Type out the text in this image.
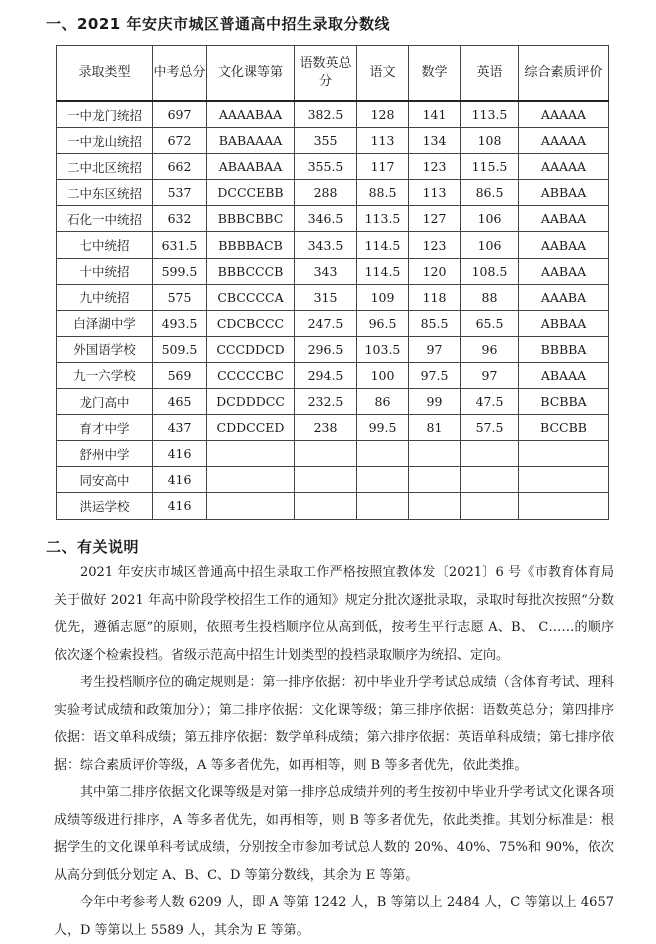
一、2021 年安庆市城区普通高中招生录取分数线
录取类型	中考总分	文化课等第	语数英总分	语文	数学	英语	综合素质评价
一中龙门统招	697	AAAABAA	382.5	128	141	113.5	AAAAA
一中龙山统招	672	BABAAAA	355	113	134	108	AAAAA
二中北区统招	662	ABAABAA	355.5	117	123	115.5	AAAAA
二中东区统招	537	DCCCEBB	288	88.5	113	86.5	ABBAA
石化一中统招	632	BBBCBBC	346.5	113.5	127	106	AABAA
七中统招	631.5	BBBBACB	343.5	114.5	123	106	AABAA
十中统招	599.5	BBBCCCB	343	114.5	120	108.5	AABAA
九中统招	575	CBCCCCA	315	109	118	88	AAABA
白泽湖中学	493.5	CDCBCCC	247.5	96.5	85.5	65.5	ABBAA
外国语学校	509.5	CCCDDCD	296.5	103.5	97	96	BBBBA
九一六学校	569	CCCCCBC	294.5	100	97.5	97	ABAAA
龙门高中	465	DCDDDCC	232.5	86	99	47.5	BCBBA
育才中学	437	CDDCCED	238	99.5	81	57.5	BCCBB
舒州中学	416						
同安高中	416						
洪运学校	416						
二、有关说明

2021 年安庆市城区普通高中招生录取工作严格按照宜教体发〔2021〕6 号《市教育体育局关于做好 2021 年高中阶段学校招生工作的通知》规定分批次逐批录取，录取时每批次按照“分数优先，遵循志愿”的原则，依照考生投档顺序位从高到低，按考生平行志愿 A、B、 C……的顺序依次逐个检索投档。省级示范高中招生计划类型的投档录取顺序为统招、定向。

考生投档顺序位的确定规则是：第一排序依据：初中毕业升学考试总成绩（含体育考试、理科实验考试成绩和政策加分）；第二排序依据：文化课等级；第三排序依据：语数英总分；第四排序依据：语文单科成绩；第五排序依据：数学单科成绩；第六排序依据：英语单科成绩；第七排序依据：综合素质评价等级，A 等多者优先，如再相等，则 B 等多者优先，依此类推。

其中第二排序依据文化课等级是对第一排序总成绩并列的考生按初中毕业升学考试文化课各项成绩等级进行排序，A 等多者优先，如再相等，则 B 等多者优先，依此类推。其划分标准是：根据学生的文化课单科考试成绩，分别按全市参加考试总人数的 20%、40%、75%和 90%，依次从高分到低分划定 A、B、C、D 等第分数线，其余为 E 等第。

今年中考参考人数 6209 人，即 A 等第 1242 人，B 等第以上 2484 人，C 等第以上 4657 人，D 等第以上 5589 人，其余为 E 等第。
